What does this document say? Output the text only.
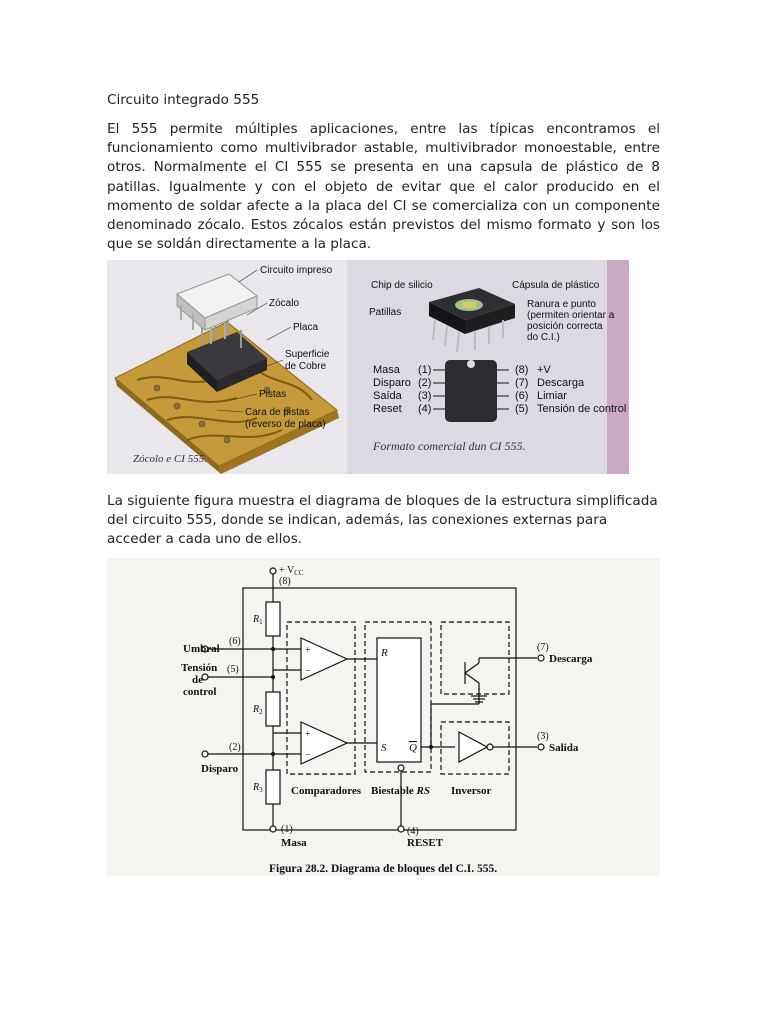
Circuito integrado 555

El 555 permite múltiples aplicaciones, entre las típicas encontramos el funcionamiento como multivibrador astable, multivibrador monoestable, entre otros. Normalmente el CI 555 se presenta en una capsula de plástico de 8 patillas. Igualmente y con el objeto de evitar que el calor producido en el momento de soldar afecte a la placa del CI se comercializa con un componente denominado zócalo. Estos zócalos están previstos del mismo formato y son los que se soldán directamente a la placa.

Circuito impreso
Zócalo
Placa
Superficie
de Cobre
Pistas
Cara de pistas
(reverso de placa)
Zócolo e CI 555.
Chip de silicio	Cápsula de plástico
Patillas
Ranura e punto
(permiten orientar a
posición correcta
do C.I.)
Masa (1)
Disparo (2)
Saída (3)
Reset (4)
(8) +V
(7) Descarga
(6) Limiar
(5) Tensión de control
Formato comercial dun CI 555.

La siguiente figura muestra el diagrama de bloques de la estructura simplificada del circuito 555, donde se indican, además, las conexiones externas para acceder a cada uno de ellos.

+ $V_{CC}$
(8)
$R_1$
$R_2$
$R_3$
Umbral
(6)
Tensión
de
control
(5)
Disparo
(2)
+
−
+
−
R
S Q
(7)
Descarga
(3)
Salida
Comparadores Biestable RS Inversor
(1)
Masa
(4)
RESET
Figura 28.2. Diagrama de bloques del C.I. 555.
